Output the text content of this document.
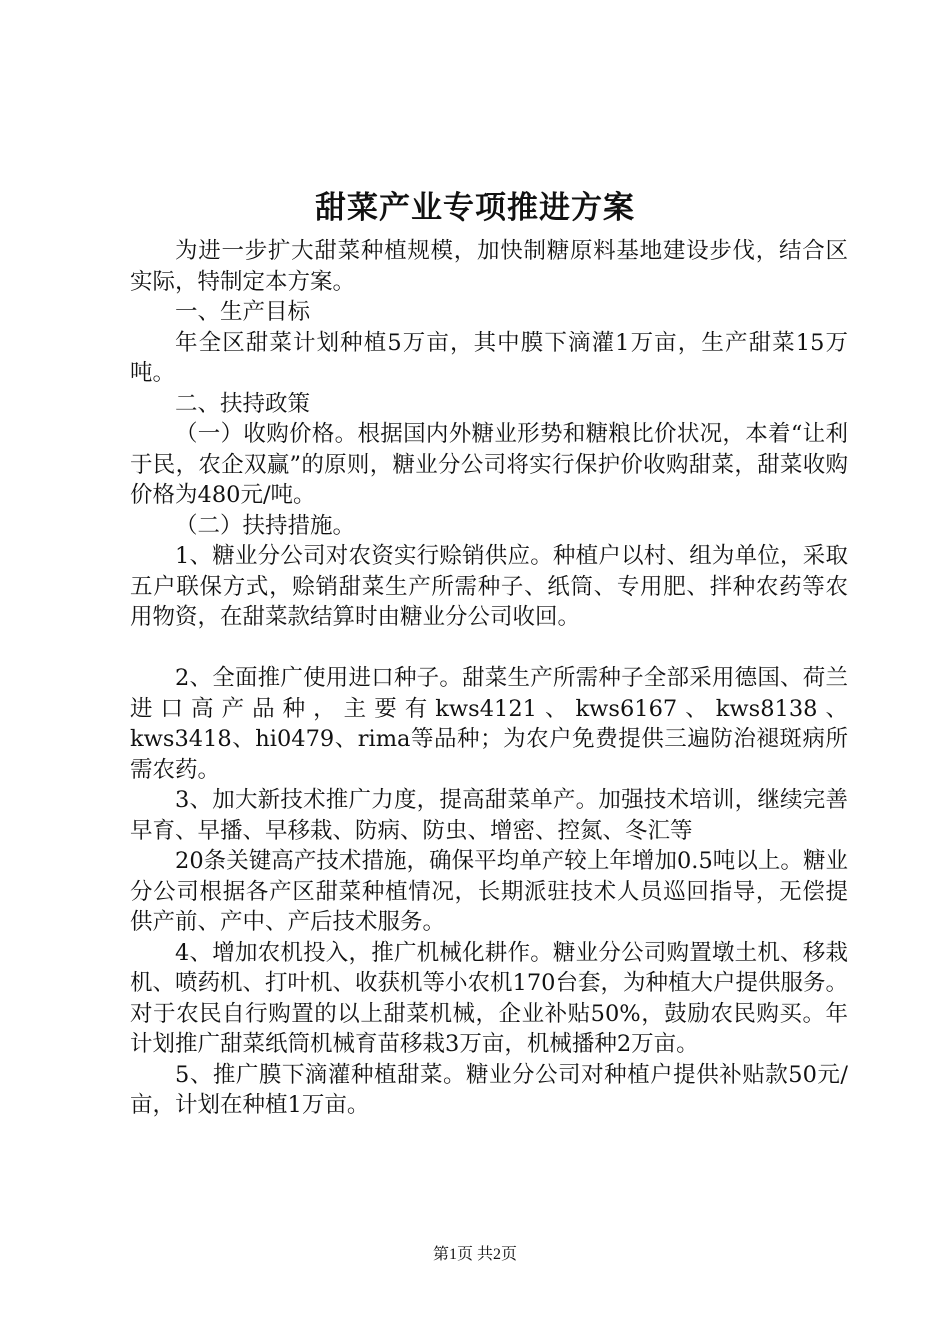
甜菜产业专项推进方案

为进一步扩大甜菜种植规模，加快制糖原料基地建设步伐，结合区实际，特制定本方案。

一、生产目标

年全区甜菜计划种植5万亩，其中膜下滴灌1万亩，生产甜菜15万吨。

二、扶持政策

（一）收购价格。根据国内外糖业形势和糖粮比价状况，本着“让利于民，农企双赢”的原则，糖业分公司将实行保护价收购甜菜，甜菜收购价格为480元/吨。

（二）扶持措施。

1、糖业分公司对农资实行赊销供应。种植户以村、组为单位，采取五户联保方式，赊销甜菜生产所需种子、纸筒、专用肥、拌种农药等农用物资，在甜菜款结算时由糖业分公司收回。

2、全面推广使用进口种子。甜菜生产所需种子全部采用德国、荷兰进口高产品种，主要有kws4121、kws6167、kws8138、kws3418、hi0479、rima等品种；为农户免费提供三遍防治褪斑病所需农药。

3、加大新技术推广力度，提高甜菜单产。加强技术培训，继续完善早育、早播、早移栽、防病、防虫、增密、控氮、冬汇等

20条关键高产技术措施，确保平均单产较上年增加0.5吨以上。糖业分公司根据各产区甜菜种植情况，长期派驻技术人员巡回指导，无偿提供产前、产中、产后技术服务。

4、增加农机投入，推广机械化耕作。糖业分公司购置墩土机、移栽机、喷药机、打叶机、收获机等小农机170台套，为种植大户提供服务。对于农民自行购置的以上甜菜机械，企业补贴50%，鼓励农民购买。年计划推广甜菜纸筒机械育苗移栽3万亩，机械播种2万亩。

5、推广膜下滴灌种植甜菜。糖业分公司对种植户提供补贴款50元/亩，计划在种植1万亩。

第1页 共2页
